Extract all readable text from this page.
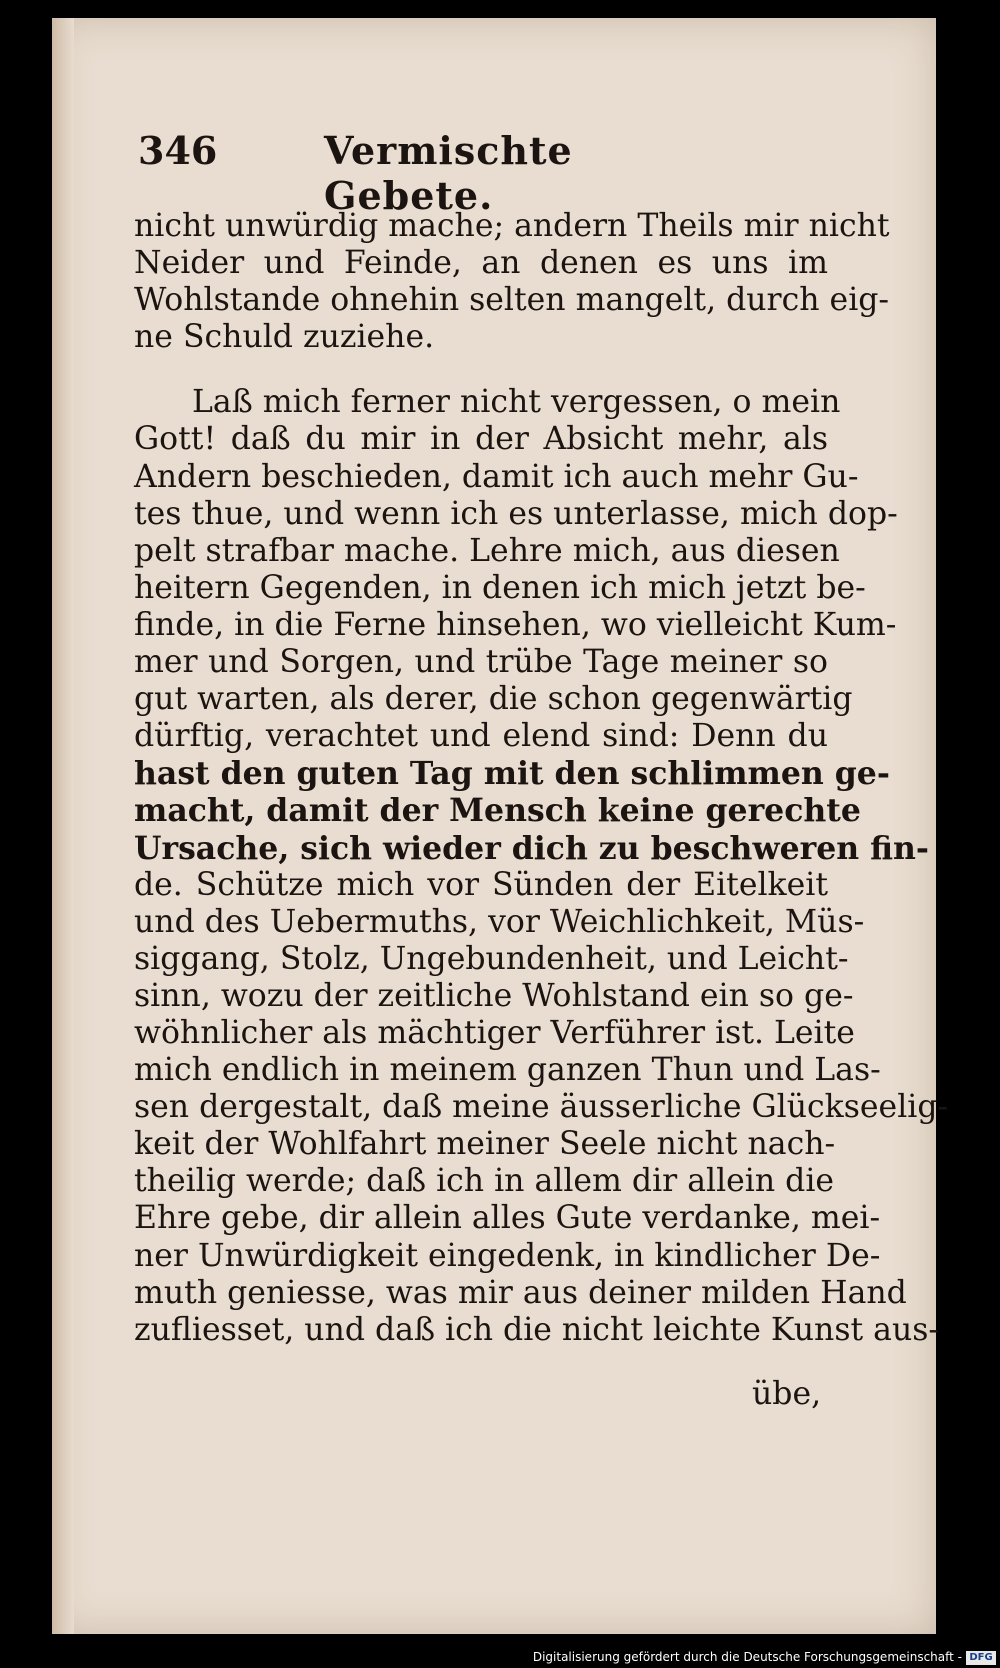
346	Vermischte Gebete.
nicht unwürdig mache; andern Theils mir nicht
Neider und Feinde, an denen es uns im
Wohlstande ohnehin selten mangelt, durch eig-
ne Schuld zuziehe.
Laß mich ferner nicht vergessen, o mein
Gott! daß du mir in der Absicht mehr, als
Andern beschieden, damit ich auch mehr Gu-
tes thue, und wenn ich es unterlasse, mich dop-
pelt strafbar mache. Lehre mich, aus diesen
heitern Gegenden, in denen ich mich jetzt be-
finde, in die Ferne hinsehen, wo vielleicht Kum-
mer und Sorgen, und trübe Tage meiner so
gut warten, als derer, die schon gegenwärtig
dürftig, verachtet und elend sind: Denn du
hast den guten Tag mit den schlimmen ge-
macht, damit der Mensch keine gerechte
Ursache, sich wieder dich zu beschweren fin-
de. Schütze mich vor Sünden der Eitelkeit
und des Uebermuths, vor Weichlichkeit, Müs-
siggang, Stolz, Ungebundenheit, und Leicht-
sinn, wozu der zeitliche Wohlstand ein so ge-
wöhnlicher als mächtiger Verführer ist. Leite
mich endlich in meinem ganzen Thun und Las-
sen dergestalt, daß meine äusserliche Glückseelig-
keit der Wohlfahrt meiner Seele nicht nach-
theilig werde; daß ich in allem dir allein die
Ehre gebe, dir allein alles Gute verdanke, mei-
ner Unwürdigkeit eingedenk, in kindlicher De-
muth geniesse, was mir aus deiner milden Hand
zufliesset, und daß ich die nicht leichte Kunst aus-
übe,
Digitalisierung gefördert durch die Deutsche Forschungsgemeinschaft - DFG
